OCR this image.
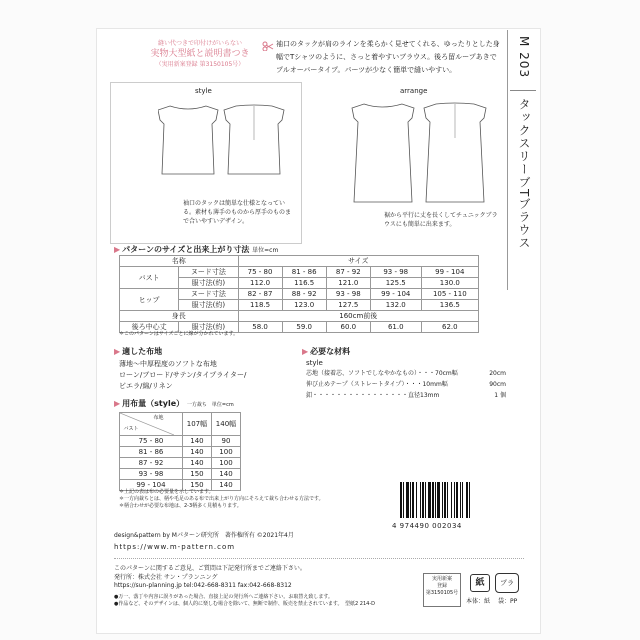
縫い代つきで印付けがいらない
実物大型紙と説明書つき
（実用新案登録 第3150105号）
袖口のタックが肩のラインを柔らかく見せてくれる、ゆったりとした身幅でTシャツのように、さっと着やすいブラウス。後ろ留ループあきでプルオーバータイプ。パーツが少なく簡単で縫いやすい。	M 203
タックスリーブTブラウス
style
袖口のタックは簡単な仕様となっている。素材も薄手のものから厚手のものまで合いやすいデザイン。
arrange
裾から平行に丈を長くしてチュニックブラウスにも簡単に出来ます。
▶ パターンのサイズと出来上がり寸法 単位=cm
名称		サイズ				
バスト	ヌード寸法	75 - 80	81 - 86	87 - 92	93 - 98	99 - 104
	服寸法(約)	112.0	116.5	121.0	125.5	130.0
ヒップ	ヌード寸法	82 - 87	88 - 92	93 - 98	99 - 104	105 - 110
	服寸法(約)	118.5	123.0	127.5	132.0	136.5
身長		160cm前後				
後ろ中心丈	服寸法(約)	58.0	59.0	60.0	61.0	62.0
＊このパターンはサイズごとに線が分かれています。
▶ 適した布地
薄地〜中厚程度のソフトな布地
ローン/ブロード/サテン/タイプライター/
ビエラ/綿/リネン
▶ 必要な材料
style
芯地（接着芯、ソフトでしなやかなもの）・・・70cm幅	20cm
伸び止めテープ（ストレートタイプ）・・・10mm幅	90cm
釦・・・・・・・・・・・・・・・・直径13mm	1 個
▶ 用布量（style） 一方裁ち　単位=cm
布地
バスト	107幅	140幅
75 - 80	140	90
81 - 86	140	100
87 - 92	140	100
93 - 98	150	140
99 - 104	150	140
＊上記の表は布の必要量を示しています。
＊一方向裁ちとは、柄や毛足のある布で出来上がり方向にそろえて裁ち合わせる方法です。
＊柄合わせが必要な布地は、2-3柄多く見積もります。
4 974490 002034
design&pattern by Mパターン研究所　著作権所有 ©2021年4月
https://www.m-pattern.com
このパターンに関するご意見、ご質問は下記発行所までご連絡下さい。
発行所：株式会社 サン・プランニング
https://sun-planning.jp tel:042-668-8311 fax:042-668-8312
●万一、落丁や内容に誤りがあった場合、直接上記の発行所へご連絡下さい。お取替え致します。
●作品など、そのデザインは、個人的に楽しむ場合を除いて、無断で制作、販売を禁止されています。　型紙2 214-D
実用新案
登録
第3150105号
紙	プラ
本体：紙 袋：PP
